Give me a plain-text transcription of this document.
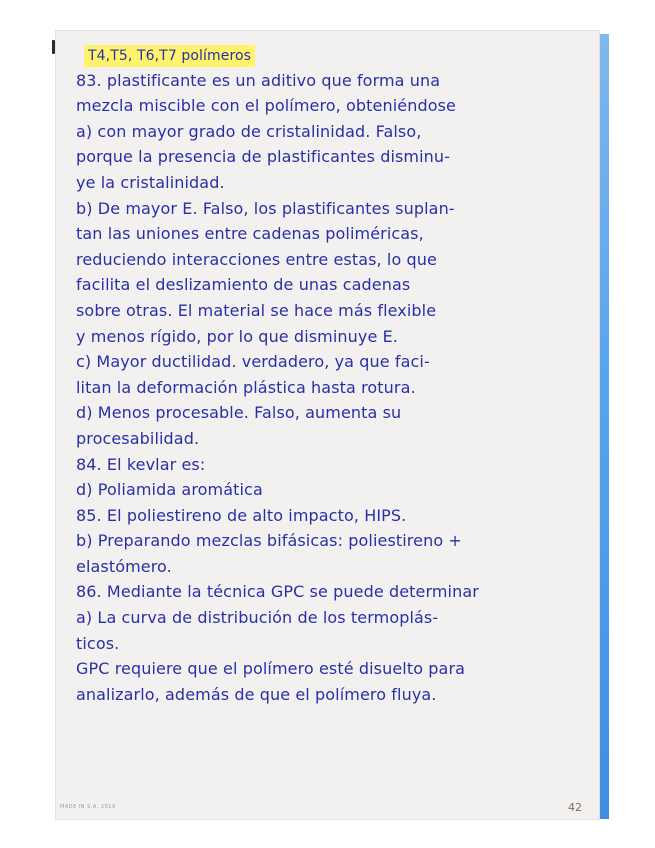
T4,T5, T6,T7 polímeros
83. plastificante es un aditivo que forma una
mezcla miscible con el polímero, obteniéndose
a) con mayor grado de cristalinidad. Falso,
porque la presencia de plastificantes disminu-
ye la cristalinidad.
b) De mayor E. Falso, los plastificantes suplan-
tan las uniones entre cadenas poliméricas,
reduciendo interacciones entre estas, lo que
facilita el deslizamiento de unas cadenas
sobre otras. El material se hace más flexible
y menos rígido, por lo que disminuye E.
c) Mayor ductilidad. verdadero, ya que faci-
litan la deformación plástica hasta rotura.
d) Menos procesable. Falso, aumenta su
procesabilidad.
84. El kevlar es:
d) Poliamida aromática
85. El poliestireno de alto impacto, HIPS.
b) Preparando mezclas bifásicas: poliestireno +
elastómero.
86. Mediante la técnica GPC se puede determinar
a) La curva de distribución de los termoplás-
ticos.
GPC requiere que el polímero esté disuelto para
analizarlo, además de que el polímero fluya.
MADE IN S.A. 2019	42
